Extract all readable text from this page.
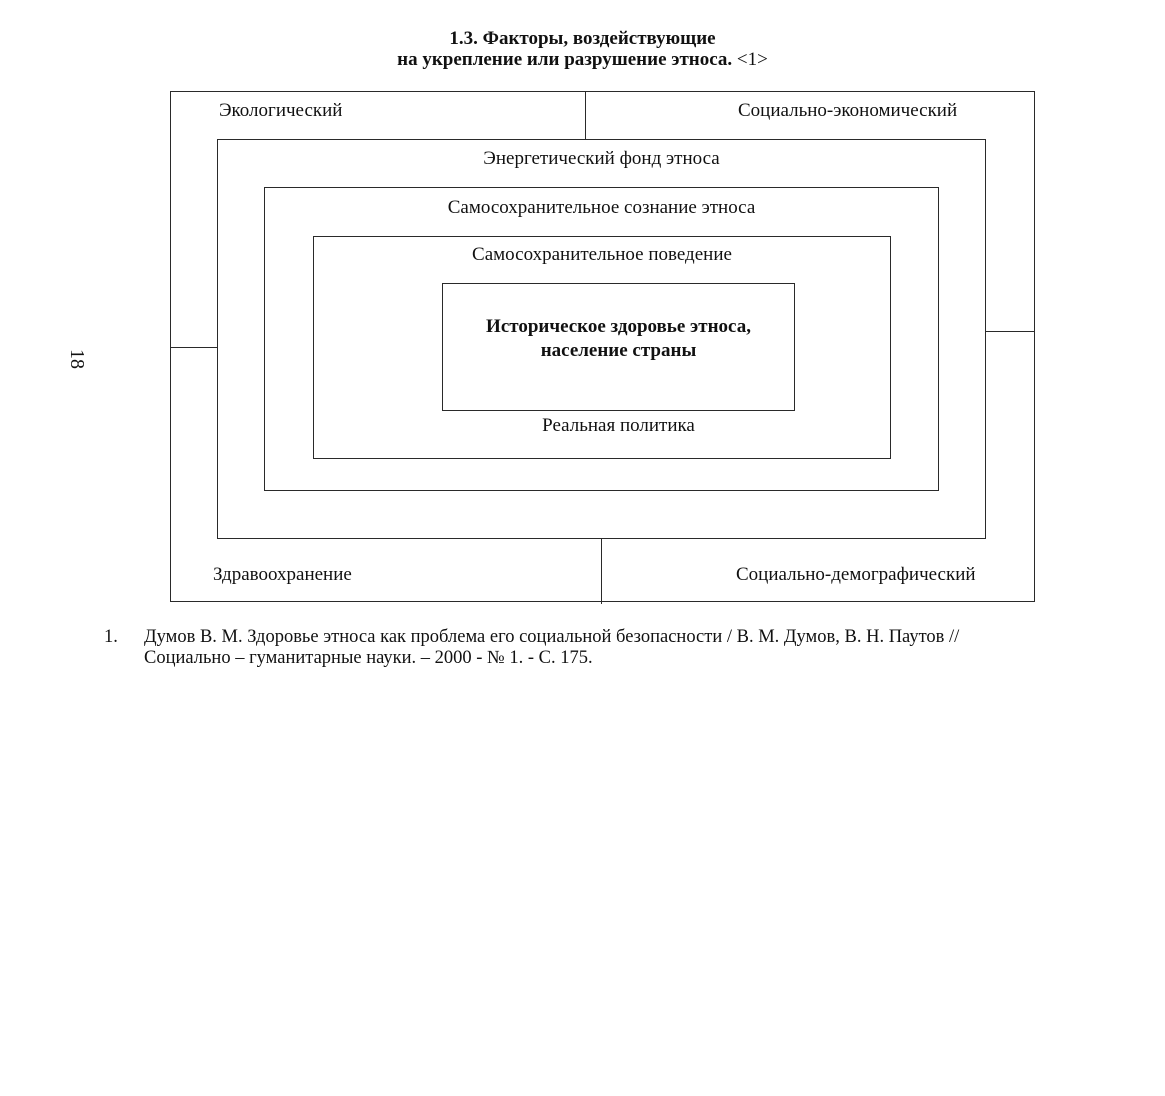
1.3. Факторы, воздействующие
на укрепление или разрушение этноса. <1>
18
Экологический	Социально-экономический
Здравоохранение	Социально-демографический
Энергетический фонд этноса
Самосохранительное сознание этноса
Самосохранительное поведение
Реальная политика
Историческое здоровье этноса,
население страны
1. Думов В. М. Здоровье этноса как проблема его социальной безопасности / В. М. Думов, В. Н. Паутов //
Социально – гуманитарные науки. – 2000 - № 1. - С. 175.
